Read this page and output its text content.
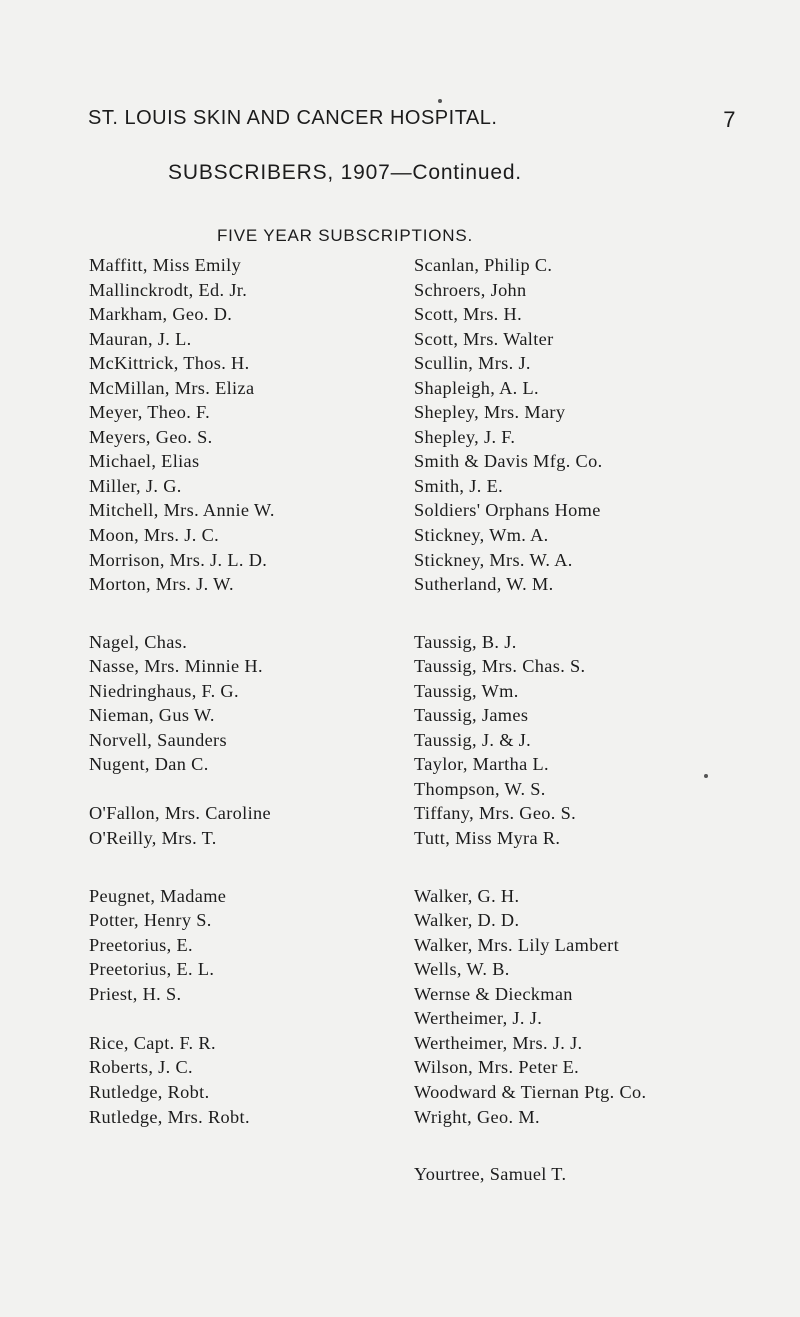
ST. LOUIS SKIN AND CANCER HOSPITAL.	7
SUBSCRIBERS, 1907—Continued.
FIVE YEAR SUBSCRIPTIONS.
Maffitt, Miss Emily
Mallinckrodt, Ed. Jr.
Markham, Geo. D.
Mauran, J. L.
McKittrick, Thos. H.
McMillan, Mrs. Eliza
Meyer, Theo. F.
Meyers, Geo. S.
Michael, Elias
Miller, J. G.
Mitchell, Mrs. Annie W.
Moon, Mrs. J. C.
Morrison, Mrs. J. L. D.
Morton, Mrs. J. W.
Nagel, Chas.
Nasse, Mrs. Minnie H.
Niedringhaus, F. G.
Nieman, Gus W.
Norvell, Saunders
Nugent, Dan C.
O'Fallon, Mrs. Caroline
O'Reilly, Mrs. T.
Peugnet, Madame
Potter, Henry S.
Preetorius, E.
Preetorius, E. L.
Priest, H. S.
Rice, Capt. F. R.
Roberts, J. C.
Rutledge, Robt.
Rutledge, Mrs. Robt.
Scanlan, Philip C.
Schroers, John
Scott, Mrs. H.
Scott, Mrs. Walter
Scullin, Mrs. J.
Shapleigh, A. L.
Shepley, Mrs. Mary
Shepley, J. F.
Smith & Davis Mfg. Co.
Smith, J. E.
Soldiers' Orphans Home
Stickney, Wm. A.
Stickney, Mrs. W. A.
Sutherland, W. M.
Taussig, B. J.
Taussig, Mrs. Chas. S.
Taussig, Wm.
Taussig, James
Taussig, J. & J.
Taylor, Martha L.
Thompson, W. S.
Tiffany, Mrs. Geo. S.
Tutt, Miss Myra R.
Walker, G. H.
Walker, D. D.
Walker, Mrs. Lily Lambert
Wells, W. B.
Wernse & Dieckman
Wertheimer, J. J.
Wertheimer, Mrs. J. J.
Wilson, Mrs. Peter E.
Woodward & Tiernan Ptg. Co.
Wright, Geo. M.
Yourtree, Samuel T.
